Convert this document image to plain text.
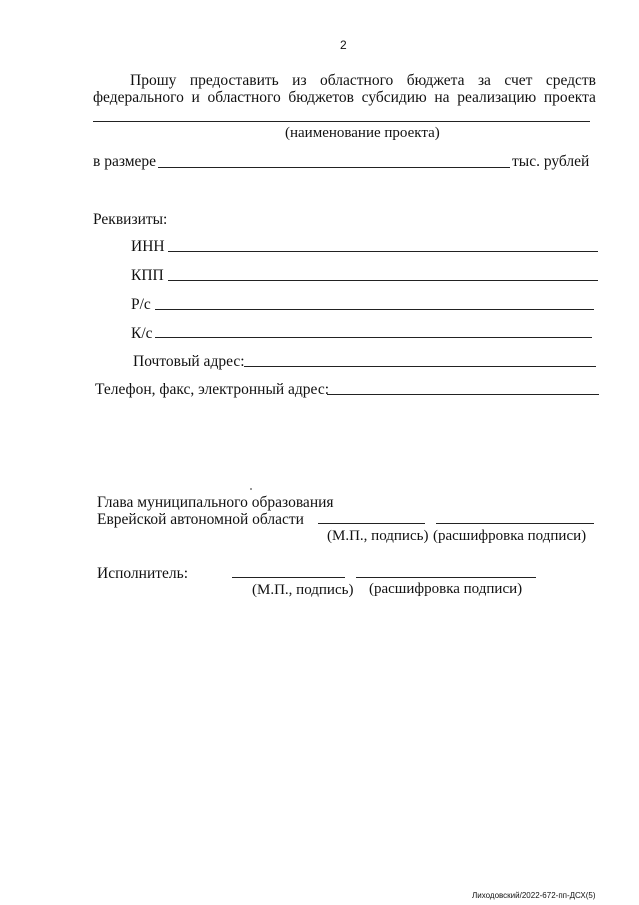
2
Прошу предоставить из областного бюджета за счет средств
федерального и областного бюджетов субсидию на реализацию проекта
(наименование проекта)
в размере	тыс. рублей
Реквизиты:
ИНН
КПП
Р/с
К/с
Почтовый адрес:
Телефон, факс, электронный адрес:
Глава муниципального образования
Еврейской автономной области
(М.П., подпись) (расшифровка подписи)
Исполнитель:
(М.П., подпись) (расшифровка подписи)
Лиходовский/2022-672-пп-ДСХ(5)
